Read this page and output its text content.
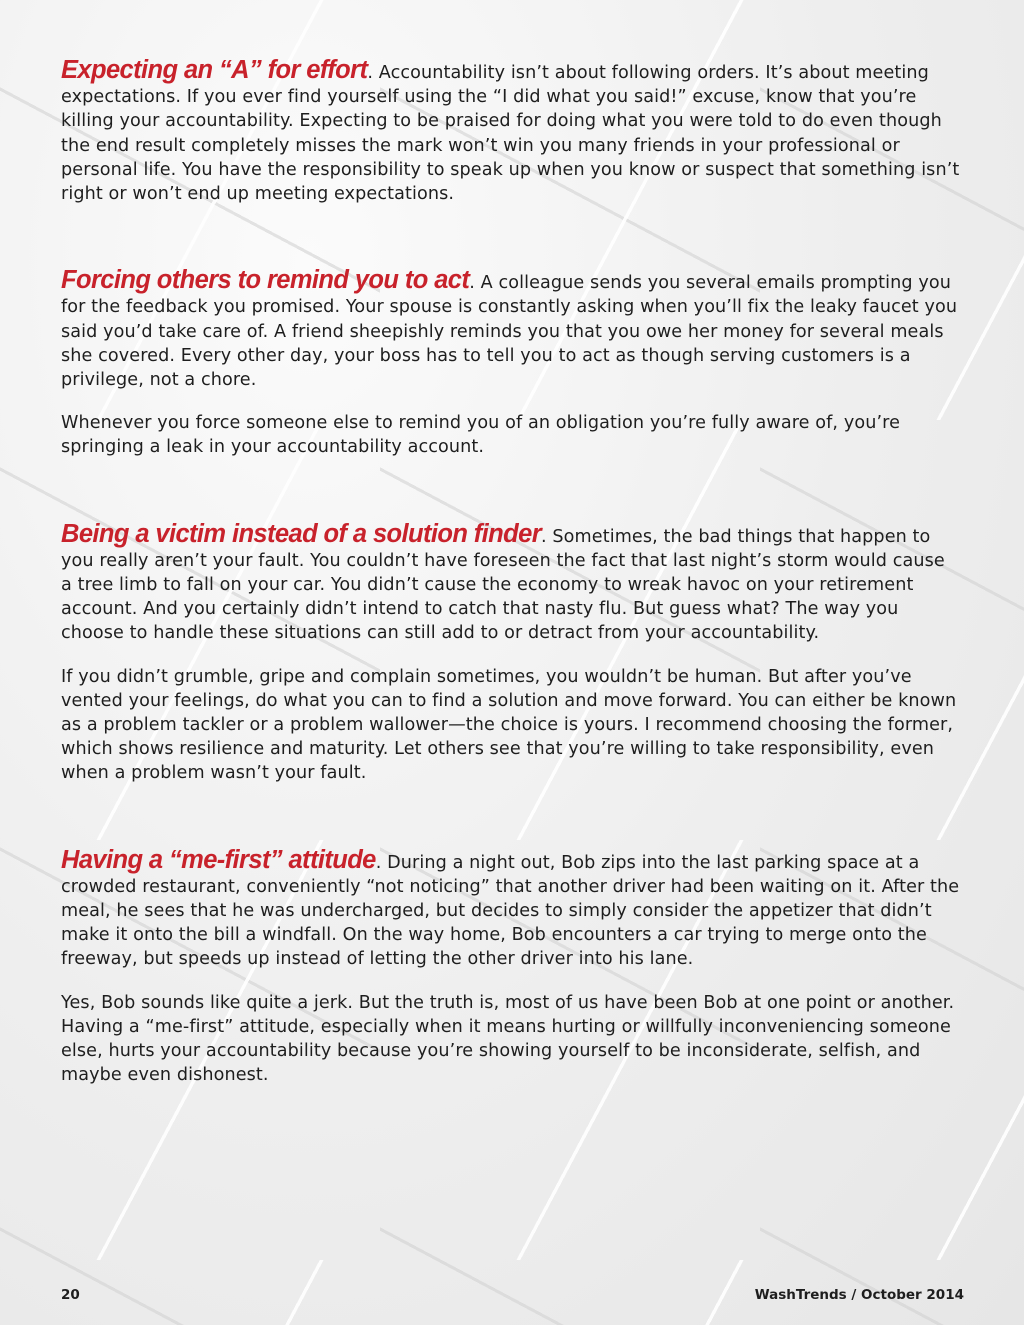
Expecting an “A” for effort. Accountability isn’t about following orders. It’s about meeting expectations. If you ever find yourself using the “I did what you said!” excuse, know that you’re killing your accountability. Expecting to be praised for doing what you were told to do even though the end result completely misses the mark won’t win you many friends in your professional or personal life. You have the responsibility to speak up when you know or suspect that something isn’t right or won’t end up meeting expectations.

Forcing others to remind you to act. A colleague sends you several emails prompting you for the feedback you promised. Your spouse is constantly asking when you’ll fix the leaky faucet you said you’d take care of. A friend sheepishly reminds you that you owe her money for several meals she covered. Every other day, your boss has to tell you to act as though serving customers is a privilege, not a chore.

Whenever you force someone else to remind you of an obligation you’re fully aware of, you’re springing a leak in your accountability account.

Being a victim instead of a solution finder. Sometimes, the bad things that happen to you really aren’t your fault. You couldn’t have foreseen the fact that last night’s storm would cause a tree limb to fall on your car. You didn’t cause the economy to wreak havoc on your retirement account. And you certainly didn’t intend to catch that nasty flu. But guess what? The way you choose to handle these situations can still add to or detract from your accountability.

If you didn’t grumble, gripe and complain sometimes, you wouldn’t be human. But after you’ve vented your feelings, do what you can to find a solution and move forward. You can either be known as a problem tackler or a problem wallower—the choice is yours. I recommend choosing the former, which shows resilience and maturity. Let others see that you’re willing to take responsibility, even when a problem wasn’t your fault.

Having a “me-first” attitude. During a night out, Bob zips into the last parking space at a crowded restaurant, conveniently “not noticing” that another driver had been waiting on it. After the meal, he sees that he was undercharged, but decides to simply consider the appetizer that didn’t make it onto the bill a windfall. On the way home, Bob encounters a car trying to merge onto the freeway, but speeds up instead of letting the other driver into his lane.

Yes, Bob sounds like quite a jerk. But the truth is, most of us have been Bob at one point or another. Having a “me-first” attitude, especially when it means hurting or willfully inconveniencing someone else, hurts your accountability because you’re showing yourself to be inconsiderate, selfish, and maybe even dishonest.

20	WashTrends / October 2014
